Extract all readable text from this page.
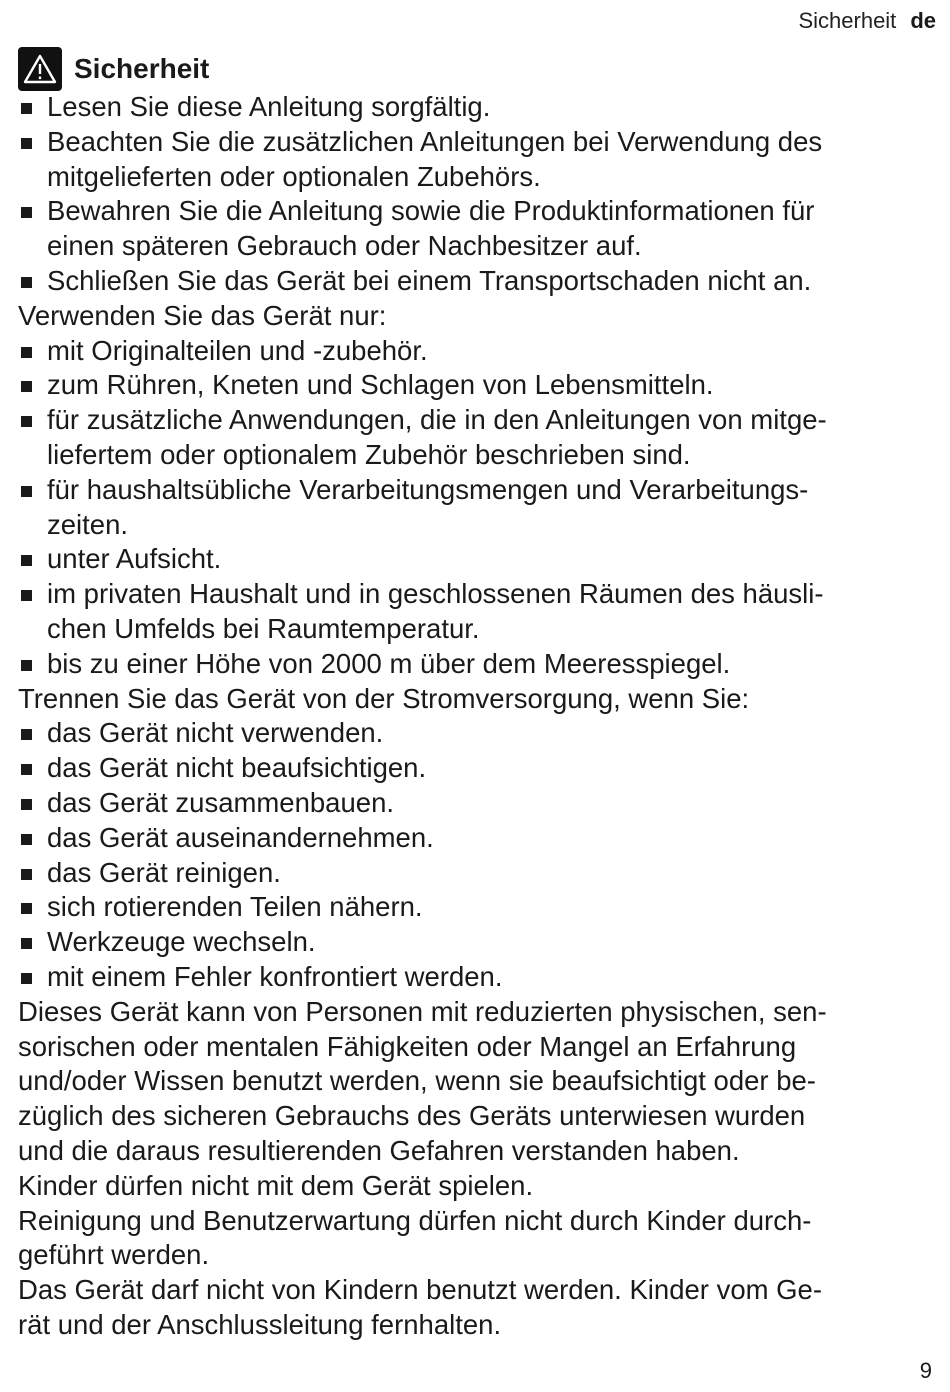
Sicherheit de
Sicherheit
Lesen Sie diese Anleitung sorgfältig.
Beachten Sie die zusätzlichen Anleitungen bei Verwendung des
mitgelieferten oder optionalen Zubehörs.
Bewahren Sie die Anleitung sowie die Produktinformationen für
einen späteren Gebrauch oder Nachbesitzer auf.
Schließen Sie das Gerät bei einem Transportschaden nicht an.
Verwenden Sie das Gerät nur:
mit Originalteilen und -zubehör.
zum Rühren, Kneten und Schlagen von Lebensmitteln.
für zusätzliche Anwendungen, die in den Anleitungen von mitge-
liefertem oder optionalem Zubehör beschrieben sind.
für haushaltsübliche Verarbeitungsmengen und Verarbeitungs-
zeiten.
unter Aufsicht.
im privaten Haushalt und in geschlossenen Räumen des häusli-
chen Umfelds bei Raumtemperatur.
bis zu einer Höhe von 2000 m über dem Meeresspiegel.
Trennen Sie das Gerät von der Stromversorgung, wenn Sie:
das Gerät nicht verwenden.
das Gerät nicht beaufsichtigen.
das Gerät zusammenbauen.
das Gerät auseinandernehmen.
das Gerät reinigen.
sich rotierenden Teilen nähern.
Werkzeuge wechseln.
mit einem Fehler konfrontiert werden.
Dieses Gerät kann von Personen mit reduzierten physischen, sen-
sorischen oder mentalen Fähigkeiten oder Mangel an Erfahrung
und/oder Wissen benutzt werden, wenn sie beaufsichtigt oder be-
züglich des sicheren Gebrauchs des Geräts unterwiesen wurden
und die daraus resultierenden Gefahren verstanden haben.
Kinder dürfen nicht mit dem Gerät spielen.
Reinigung und Benutzerwartung dürfen nicht durch Kinder durch-
geführt werden.
Das Gerät darf nicht von Kindern benutzt werden. Kinder vom Ge-
rät und der Anschlussleitung fernhalten.
9
